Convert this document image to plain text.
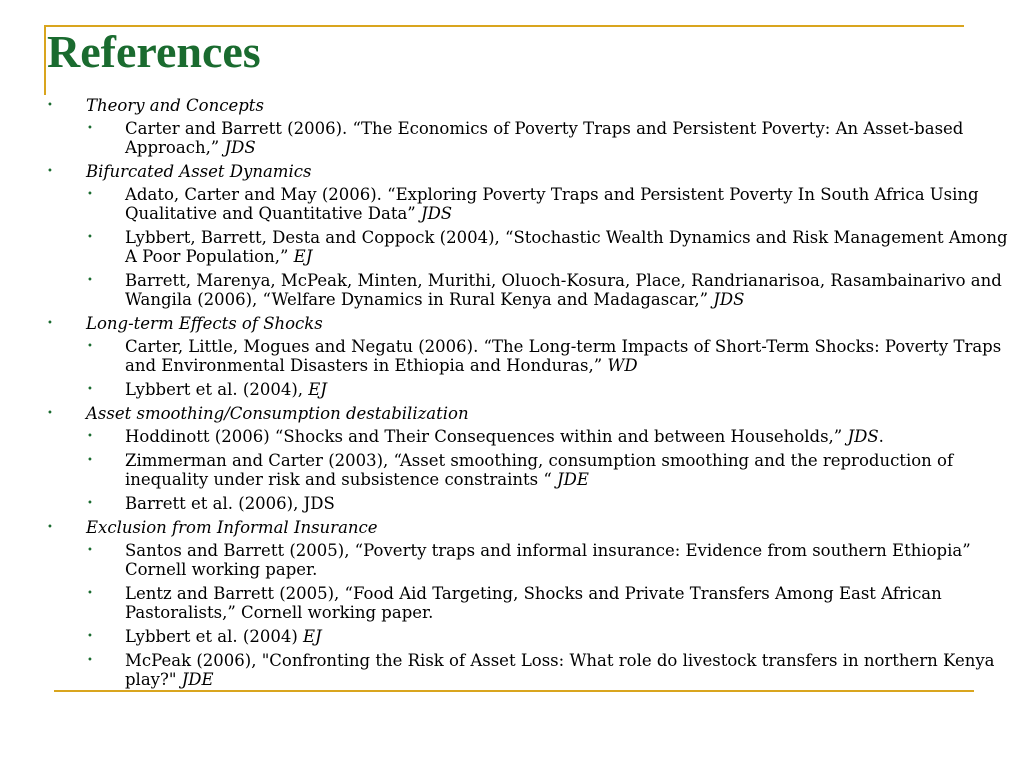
References
• Theory and Concepts
• Carter and Barrett (2006). “The Economics of Poverty Traps and Persistent Poverty: An Asset-based Approach,” JDS
• Bifurcated Asset Dynamics
• Adato, Carter and May (2006). “Exploring Poverty Traps and Persistent Poverty In South Africa Using Qualitative and Quantitative Data” JDS
• Lybbert, Barrett, Desta and Coppock (2004), “Stochastic Wealth Dynamics and Risk Management Among A Poor Population,” EJ
• Barrett, Marenya, McPeak, Minten, Murithi, Oluoch-Kosura, Place, Randrianarisoa, Rasambainarivo and Wangila (2006), “Welfare Dynamics in Rural Kenya and Madagascar,” JDS
• Long-term Effects of Shocks
• Carter, Little, Mogues and Negatu (2006). “The Long-term Impacts of Short-Term Shocks: Poverty Traps and Environmental Disasters in Ethiopia and Honduras,” WD
• Lybbert et al. (2004), EJ
• Asset smoothing/Consumption destabilization
• Hoddinott (2006) “Shocks and Their Consequences within and between Households,” JDS.
• Zimmerman and Carter (2003), “Asset smoothing, consumption smoothing and the reproduction of inequality under risk and subsistence constraints “ JDE
• Barrett et al. (2006), JDS
• Exclusion from Informal Insurance
• Santos and Barrett (2005), “Poverty traps and informal insurance: Evidence from southern Ethiopia” Cornell working paper.
• Lentz and Barrett (2005), “Food Aid Targeting, Shocks and Private Transfers Among East African Pastoralists,” Cornell working paper.
• Lybbert et al. (2004) EJ
• McPeak (2006), "Confronting the Risk of Asset Loss: What role do livestock transfers in northern Kenya play?" JDE
